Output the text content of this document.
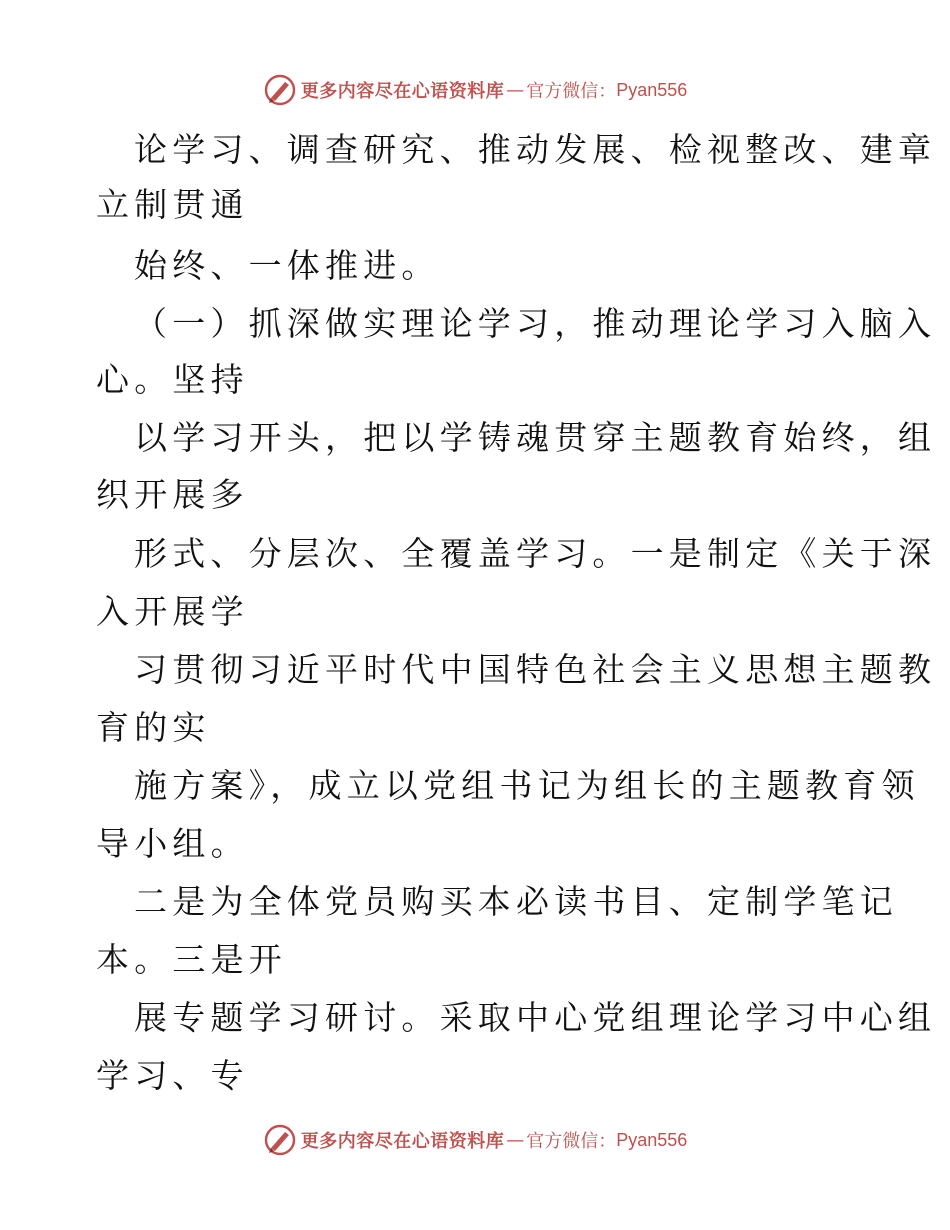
更多内容尽在心语资料库 — 官方微信： Pyan556
论学习、调查研究、推动发展、检视整改、建章
立制贯通
始终、一体推进。
（一）抓深做实理论学习，推动理论学习入脑入
心。坚持
以学习开头，把以学铸魂贯穿主题教育始终，组
织开展多
形式、分层次、全覆盖学习。一是制定《关于深
入开展学
习贯彻习近平时代中国特色社会主义思想主题教
育的实
施方案》，成立以党组书记为组长的主题教育领
导小组。
二是为全体党员购买本必读书目、定制学笔记
本。三是开
展专题学习研讨。采取中心党组理论学习中心组
学习、专
更多内容尽在心语资料库 — 官方微信： Pyan556
